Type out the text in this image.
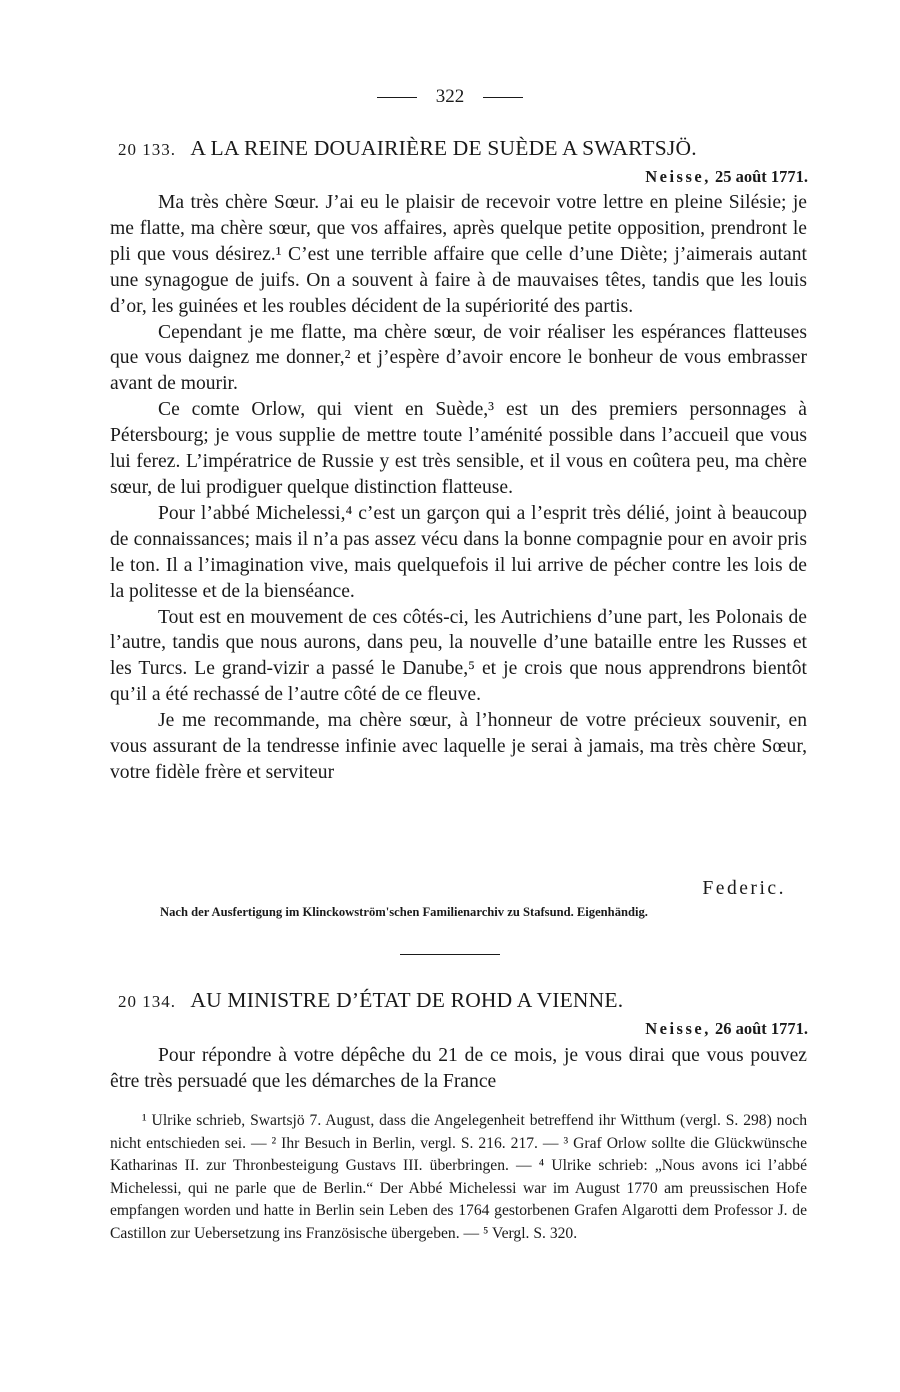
322
20 133. A LA REINE DOUAIRIÈRE DE SUÈDE A SWARTSJÖ.
Neisse, 25 août 1771.

Ma très chère Sœur. J’ai eu le plaisir de recevoir votre lettre en pleine Silésie; je me flatte, ma chère sœur, que vos affaires, après quelque petite opposition, prendront le pli que vous désirez.¹ C’est une terrible affaire que celle d’une Diète; j’aimerais autant une synagogue de juifs. On a souvent à faire à de mauvaises têtes, tandis que les louis d’or, les guinées et les roubles décident de la supériorité des partis.

Cependant je me flatte, ma chère sœur, de voir réaliser les espérances flatteuses que vous daignez me donner,² et j’espère d’avoir encore le bonheur de vous embrasser avant de mourir.

Ce comte Orlow, qui vient en Suède,³ est un des premiers personnages à Pétersbourg; je vous supplie de mettre toute l’aménité possible dans l’accueil que vous lui ferez. L’impératrice de Russie y est très sensible, et il vous en coûtera peu, ma chère sœur, de lui prodiguer quelque distinction flatteuse.

Pour l’abbé Michelessi,⁴ c’est un garçon qui a l’esprit très délié, joint à beaucoup de connaissances; mais il n’a pas assez vécu dans la bonne compagnie pour en avoir pris le ton. Il a l’imagination vive, mais quelquefois il lui arrive de pécher contre les lois de la politesse et de la bienséance.

Tout est en mouvement de ces côtés-ci, les Autrichiens d’une part, les Polonais de l’autre, tandis que nous aurons, dans peu, la nouvelle d’une bataille entre les Russes et les Turcs. Le grand-vizir a passé le Danube,⁵ et je crois que nous apprendrons bientôt qu’il a été rechassé de l’autre côté de ce fleuve.

Je me recommande, ma chère sœur, à l’honneur de votre précieux souvenir, en vous assurant de la tendresse infinie avec laquelle je serai à jamais, ma très chère Sœur, votre fidèle frère et serviteur

Federic.
Nach der Ausfertigung im Klinckowström'schen Familienarchiv zu Stafsund. Eigenhändig.
20 134. AU MINISTRE D’ÉTAT DE ROHD A VIENNE.
Neisse, 26 août 1771.

Pour répondre à votre dépêche du 21 de ce mois, je vous dirai que vous pouvez être très persuadé que les démarches de la France

¹ Ulrike schrieb, Swartsjö 7. August, dass die Angelegenheit betreffend ihr Witthum (vergl. S. 298) noch nicht entschieden sei. — ² Ihr Besuch in Berlin, vergl. S. 216. 217. — ³ Graf Orlow sollte die Glückwünsche Katharinas II. zur Thronbesteigung Gustavs III. überbringen. — ⁴ Ulrike schrieb: „Nous avons ici l’abbé Michelessi, qui ne parle que de Berlin.“ Der Abbé Michelessi war im August 1770 am preussischen Hofe empfangen worden und hatte in Berlin sein Leben des 1764 gestorbenen Grafen Algarotti dem Professor J. de Castillon zur Uebersetzung ins Französische übergeben. — ⁵ Vergl. S. 320.
